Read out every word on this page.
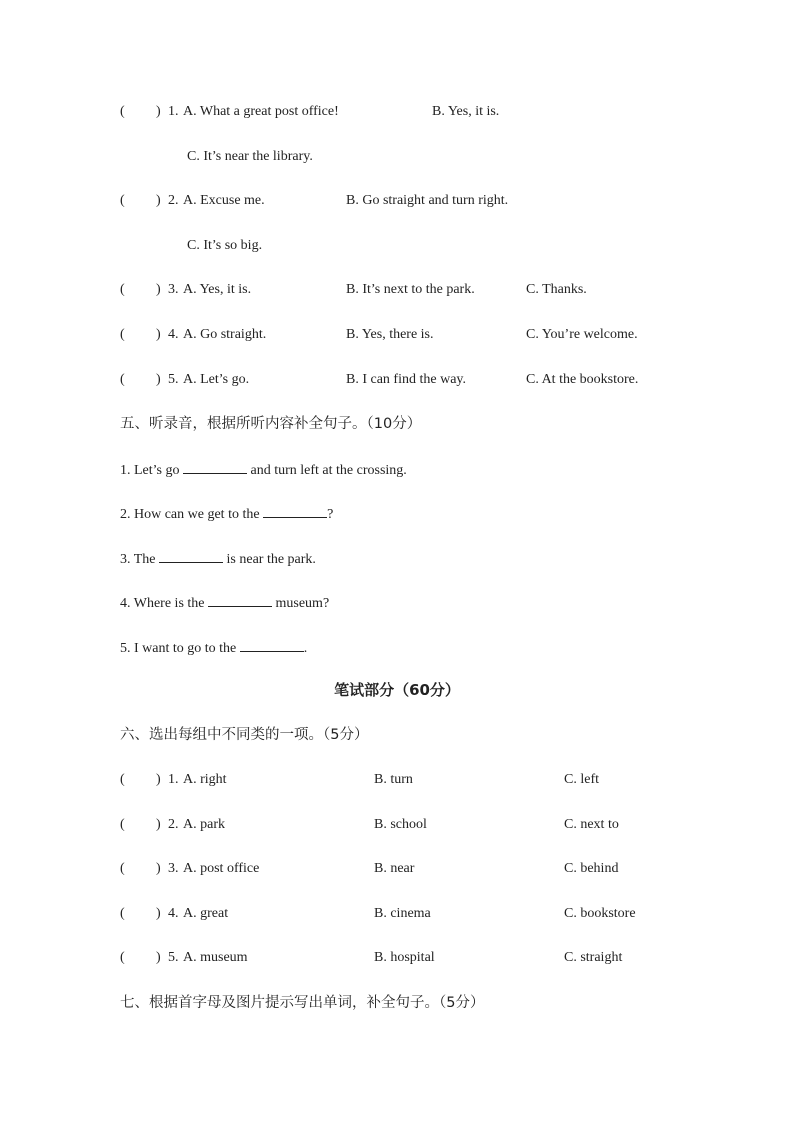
( ) 1. A. What a great post office!	B. Yes, it is.
C. It’s near the library.
( ) 2. A. Excuse me.	B. Go straight and turn right.
C. It’s so big.
( ) 3. A. Yes, it is.	B. It’s next to the park.	C. Thanks.
( ) 4. A. Go straight.	B. Yes, there is.	C. You’re welcome.
( ) 5. A. Let’s go.	B. I can find the way.	C. At the bookstore.
五、听录音，根据所听内容补全句子。（10分）
1. Let’s go	and turn left at the crossing.
2. How can we get to the	?
3. The	is near the park.
4. Where is the	museum?
5. I want to go to the	.
笔试部分（60分）
六、选出每组中不同类的一项。（5分）
( ) 1. A. right	B. turn	C. left
( ) 2. A. park	B. school	C. next to
( ) 3. A. post office	B. near	C. behind
( ) 4. A. great	B. cinema	C. bookstore
( ) 5. A. museum	B. hospital	C. straight
七、根据首字母及图片提示写出单词，补全句子。（5分）
